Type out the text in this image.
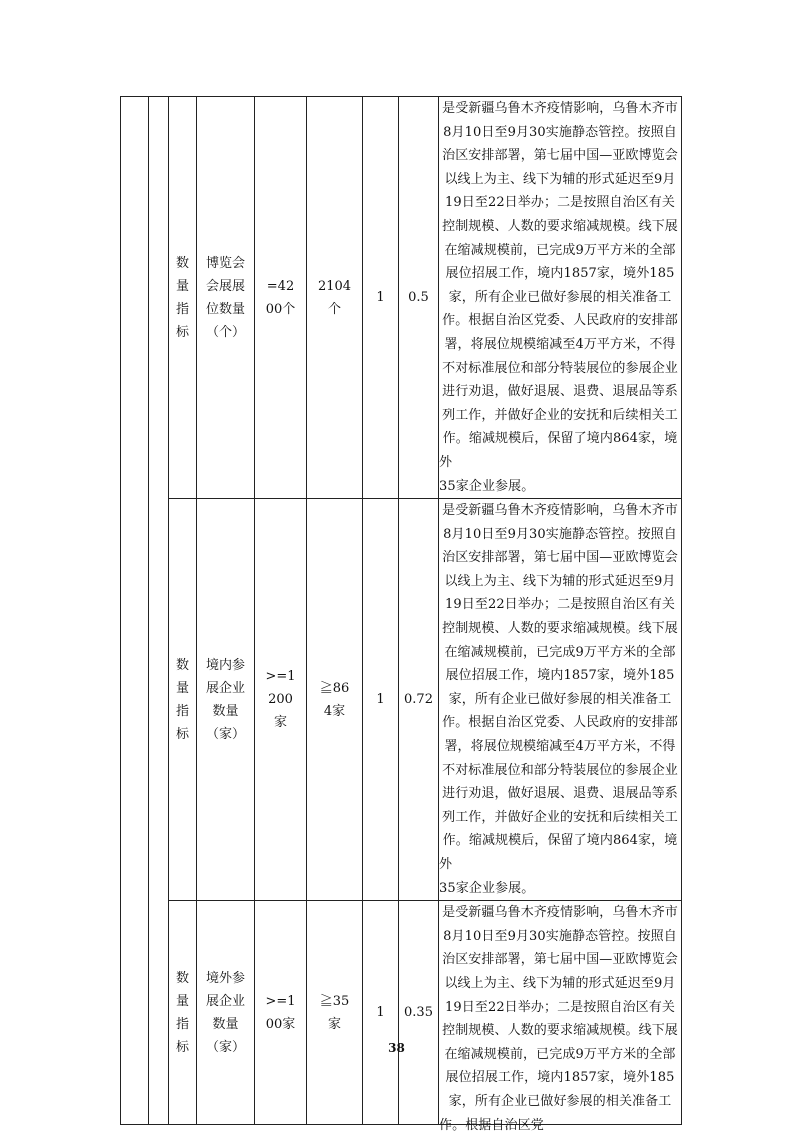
		数量指标	博览会会展展位数量（个）	=4200个	2104个	1	0.5	是受新疆乌鲁木齐疫情影响，乌鲁木齐市8月10日至9月30实施静态管控。按照自治区安排部署，第七届中国—亚欧博览会以线上为主、线下为辅的形式延迟至9月19日至22日举办；二是按照自治区有关控制规模、人数的要求缩减规模。线下展在缩减规模前，已完成9万平方米的全部展位招展工作，境内1857家，境外185家，所有企业已做好参展的相关准备工作。根据自治区党委、人民政府的安排部署，将展位规模缩减至4万平方米，不得不对标准展位和部分特装展位的参展企业进行劝退，做好退展、退费、退展品等系列工作，并做好企业的安抚和后续相关工作。缩减规模后，保留了境内864家，境外
35家企业参展。

		数量指标	境内参展企业数量（家）	>=1200家	≧864家	1	0.72	是受新疆乌鲁木齐疫情影响，乌鲁木齐市8月10日至9月30实施静态管控。按照自治区安排部署，第七届中国—亚欧博览会以线上为主、线下为辅的形式延迟至9月19日至22日举办；二是按照自治区有关控制规模、人数的要求缩减规模。线下展在缩减规模前，已完成9万平方米的全部展位招展工作，境内1857家，境外185家，所有企业已做好参展的相关准备工作。根据自治区党委、人民政府的安排部署，将展位规模缩减至4万平方米，不得不对标准展位和部分特装展位的参展企业进行劝退，做好退展、退费、退展品等系列工作，并做好企业的安抚和后续相关工作。缩减规模后，保留了境内864家，境外
35家企业参展。

		数量指标	境外参展企业数量（家）	>=100家	≧35家	1	0.35	是受新疆乌鲁木齐疫情影响，乌鲁木齐市8月10日至9月30实施静态管控。按照自治区安排部署，第七届中国—亚欧博览会以线上为主、线下为辅的形式延迟至9月19日至22日举办；二是按照自治区有关控制规模、人数的要求缩减规模。线下展在缩减规模前，已完成9万平方米的全部展位招展工作，境内1857家，境外185家，所有企业已做好参展的相关准备工作。根据自治区党
38
